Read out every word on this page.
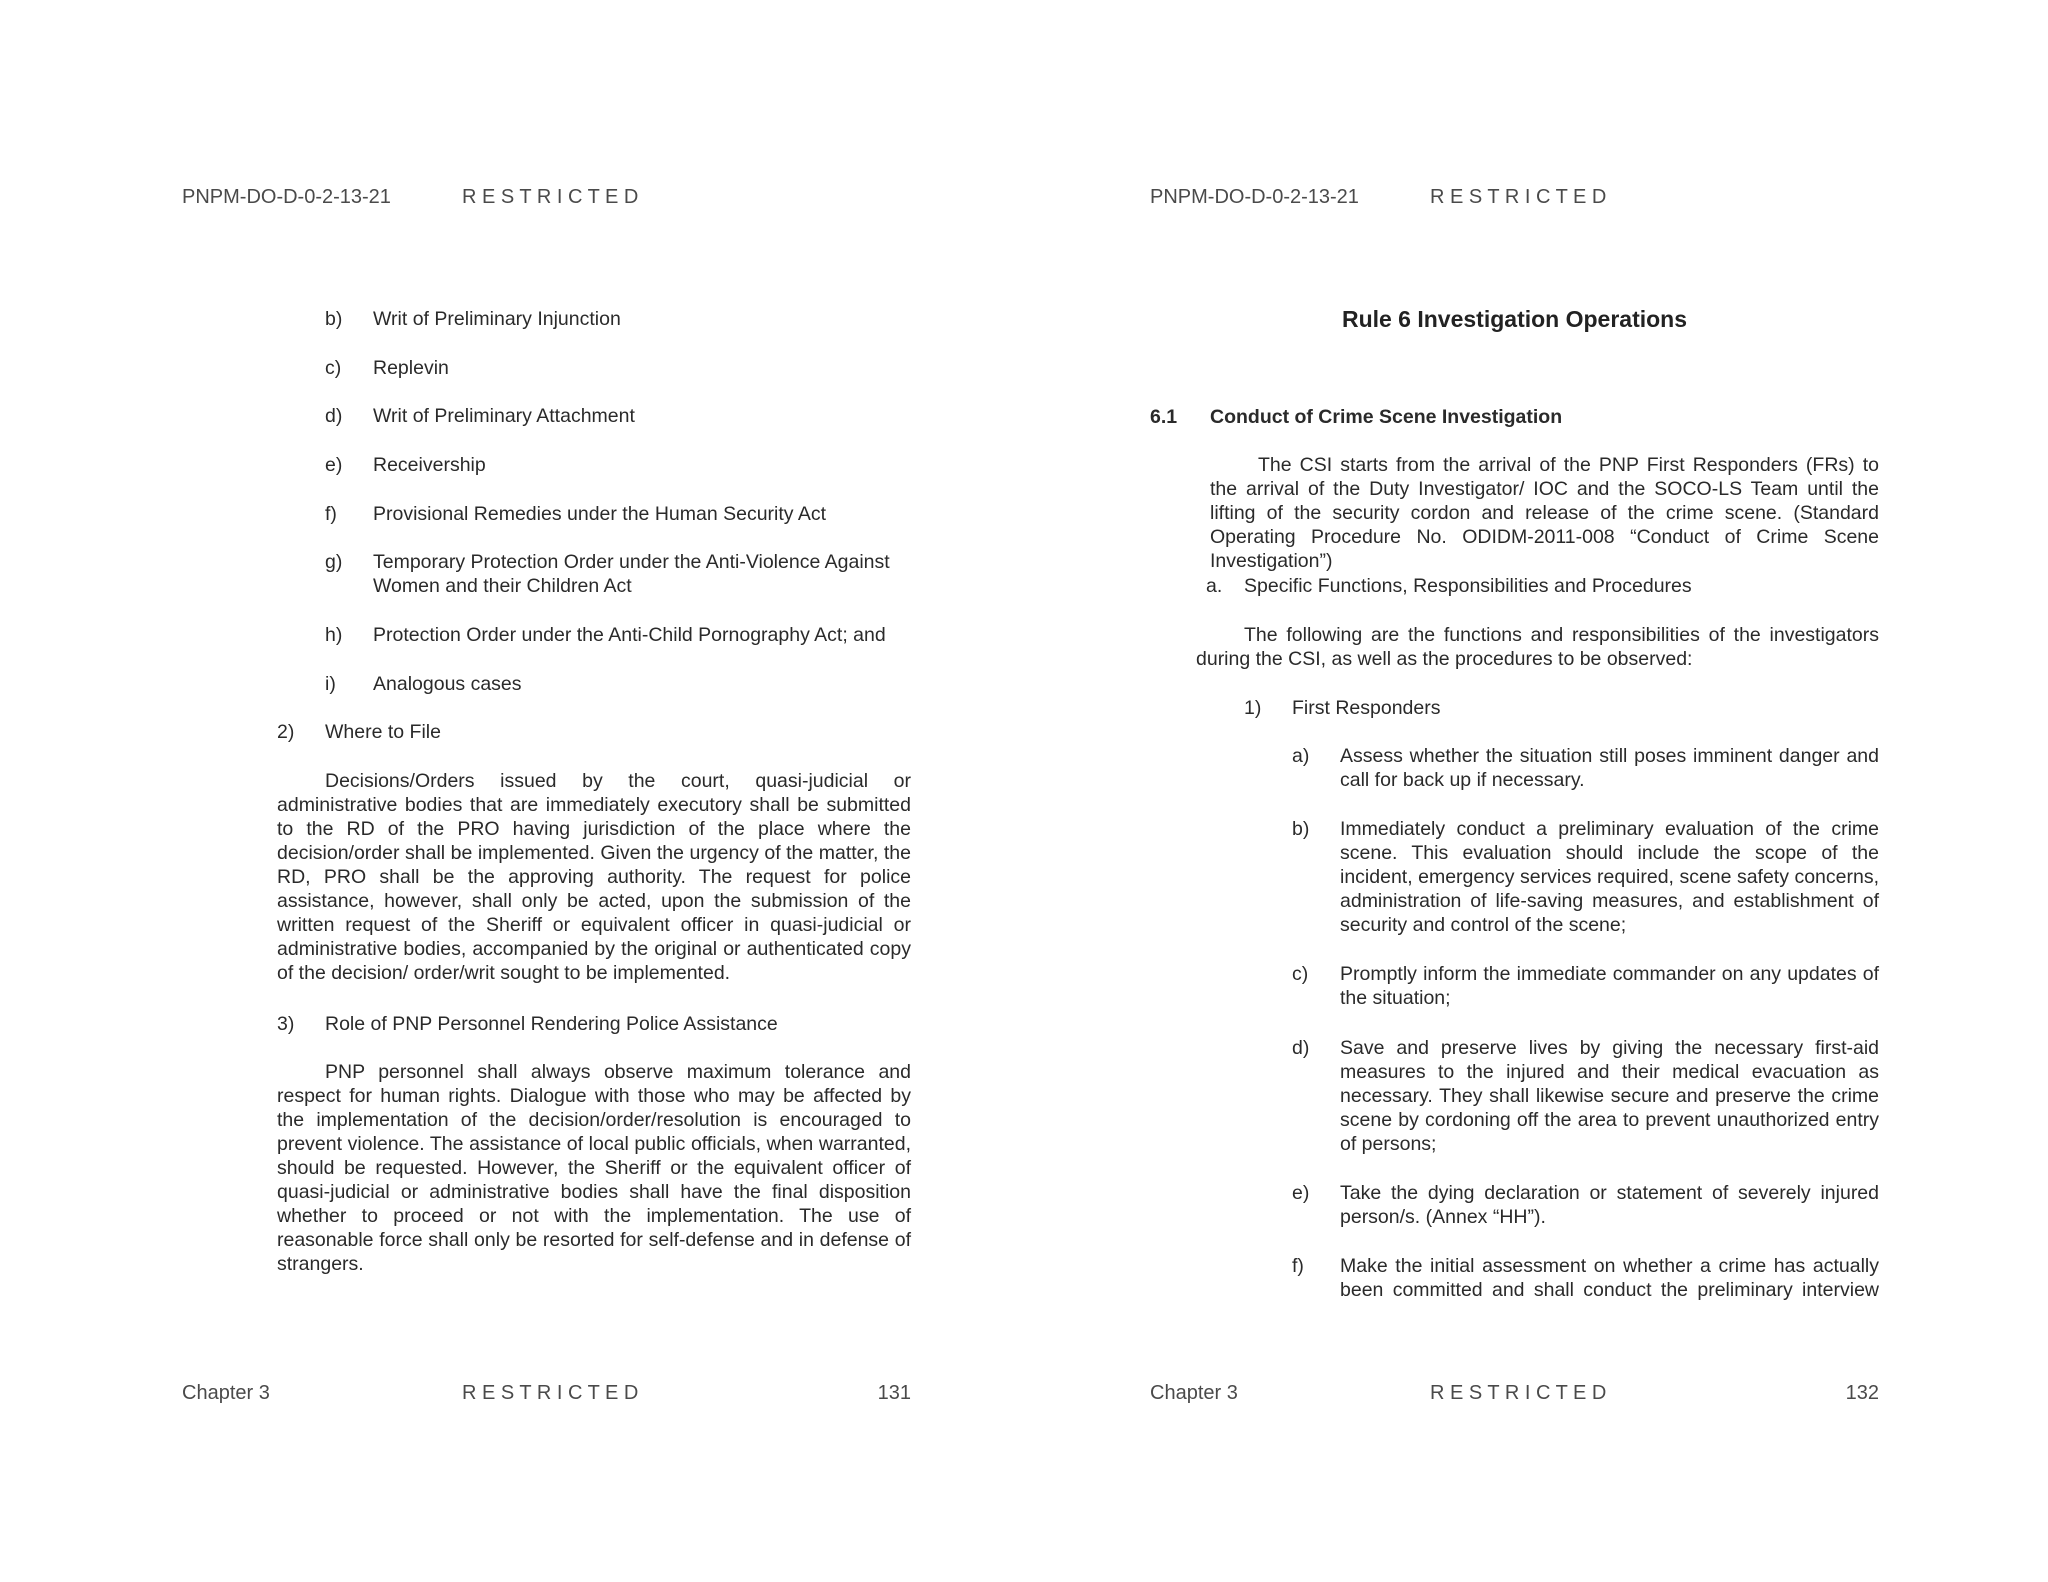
PNPM-DO-D-0-2-13-21	R E S T R I C T E D
b) Writ of Preliminary Injunction
c) Replevin
d) Writ of Preliminary Attachment
e) Receivership
f) Provisional Remedies under the Human Security Act
g) Temporary Protection Order under the Anti-Violence Against Women and their Children Act
h) Protection Order under the Anti-Child Pornography Act; and
i) Analogous cases
2) Where to File
Decisions/Orders issued by the court, quasi-judicial or administrative bodies that are immediately executory shall be submitted to the RD of the PRO having jurisdiction of the place where the decision/order shall be implemented. Given the urgency of the matter, the RD, PRO shall be the approving authority. The request for police assistance, however, shall only be acted, upon the submission of the written request of the Sheriff or equivalent officer in quasi-judicial or administrative bodies, accompanied by the original or authenticated copy of the decision/ order/writ sought to be implemented.
3) Role of PNP Personnel Rendering Police Assistance
PNP personnel shall always observe maximum tolerance and respect for human rights. Dialogue with those who may be affected by the implementation of the decision/order/resolution is encouraged to prevent violence. The assistance of local public officials, when warranted, should be requested. However, the Sheriff or the equivalent officer of quasi-judicial or administrative bodies shall have the final disposition whether to proceed or not with the implementation. The use of reasonable force shall only be resorted for self-defense and in defense of strangers.
Chapter 3	R E S T R I C T E D	131
PNPM-DO-D-0-2-13-21	R E S T R I C T E D
Rule 6 Investigation Operations
6.1 Conduct of Crime Scene Investigation
The CSI starts from the arrival of the PNP First Responders (FRs) to the arrival of the Duty Investigator/ IOC and the SOCO-LS Team until the lifting of the security cordon and release of the crime scene. (Standard Operating Procedure No. ODIDM-2011-008 “Conduct of Crime Scene Investigation”)
a. Specific Functions, Responsibilities and Procedures
The following are the functions and responsibilities of the investigators during the CSI, as well as the procedures to be observed:
1) First Responders
a) Assess whether the situation still poses imminent danger and call for back up if necessary.
b) Immediately conduct a preliminary evaluation of the crime scene. This evaluation should include the scope of the incident, emergency services required, scene safety concerns, administration of life-saving measures, and establishment of security and control of the scene;
c) Promptly inform the immediate commander on any updates of the situation;
d) Save and preserve lives by giving the necessary first-aid measures to the injured and their medical evacuation as necessary. They shall likewise secure and preserve the crime scene by cordoning off the area to prevent unauthorized entry of persons;
e) Take the dying declaration or statement of severely injured person/s. (Annex “HH”).
f) Make the initial assessment on whether a crime has actually been committed and shall conduct the preliminary interview
Chapter 3	R E S T R I C T E D	132
